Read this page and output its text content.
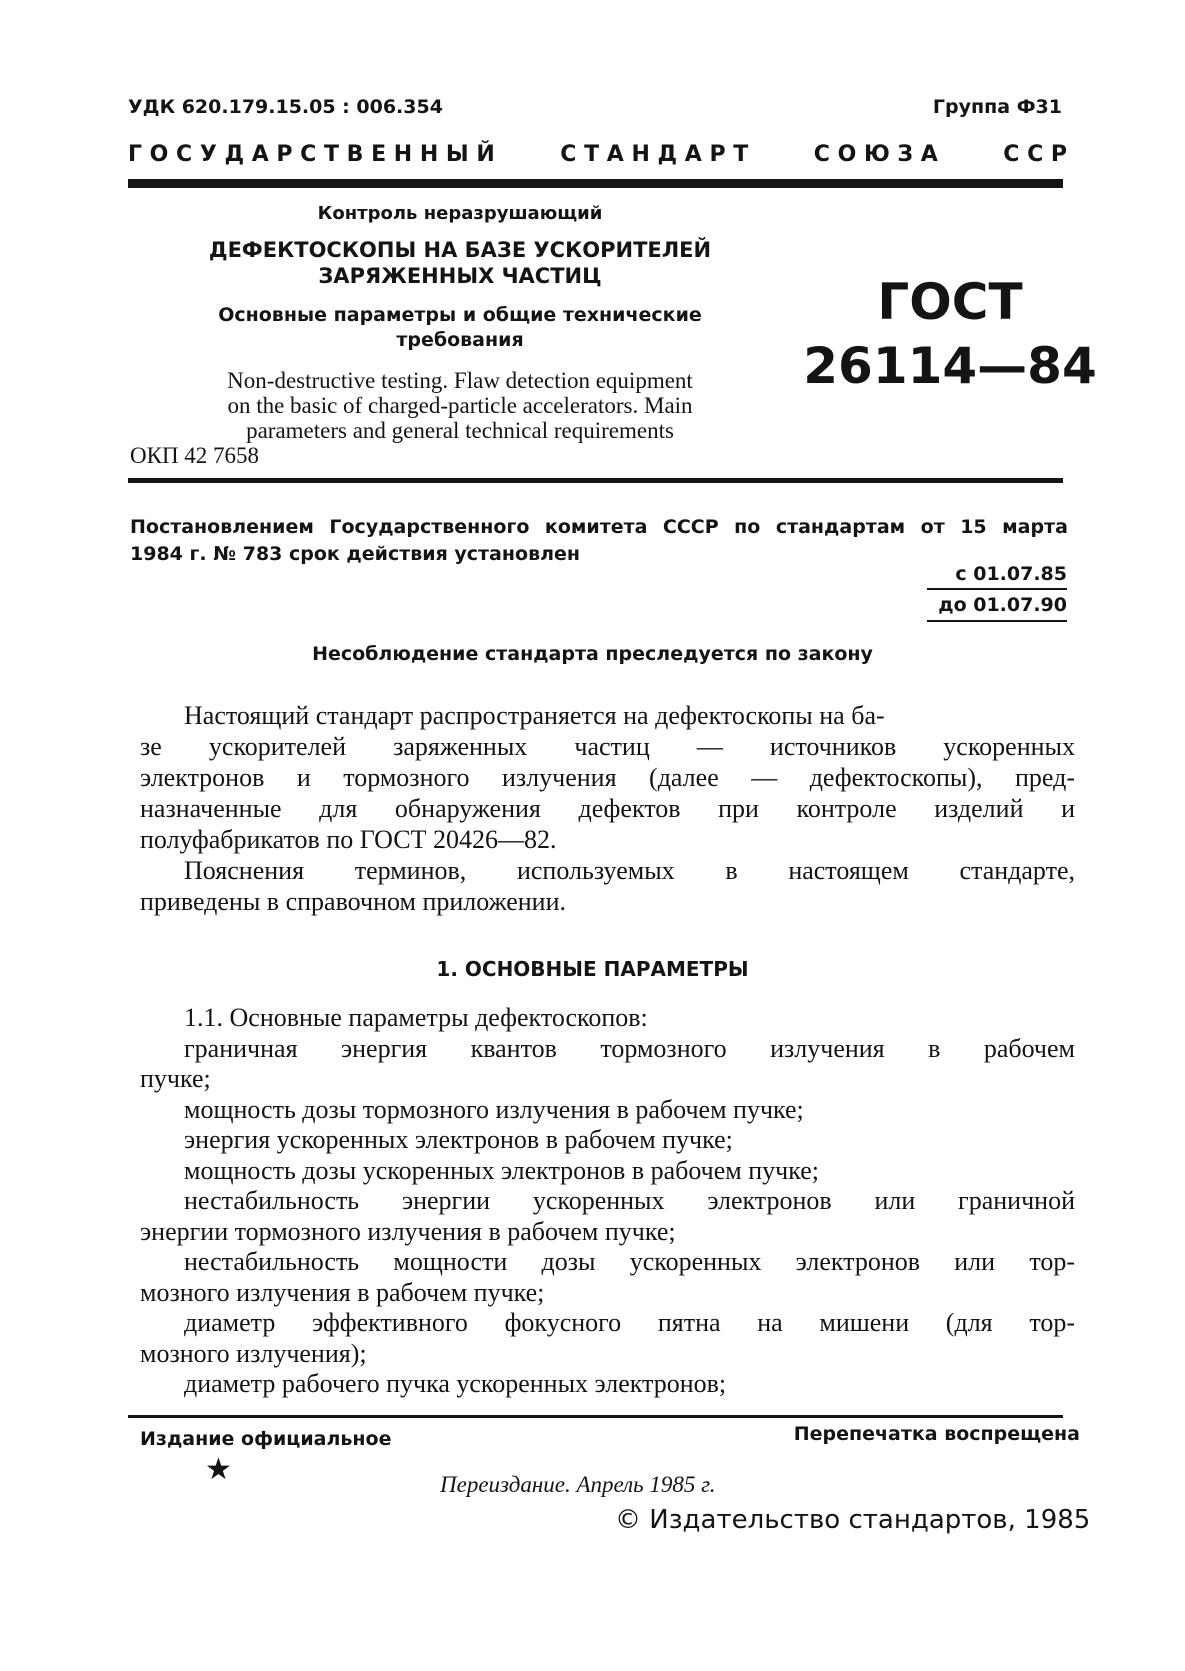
УДК 620.179.15.05 : 006.354	Группа Ф31
Г О С У Д А Р С Т В Е Н Н Ы Й	С Т А Н Д А Р Т	С О Ю З А	С С Р
Контроль неразрушающий
ДЕФЕКТОСКОПЫ НА БАЗЕ УСКОРИТЕЛЕЙ
ЗАРЯЖЕННЫХ ЧАСТИЦ
Основные параметры и общие технические
требования
Non-destructive testing. Flaw detection equipment
on the basic of charged-particle accelerators. Main
parameters and general technical requirements
ОКП 42 7658
ГОСТ
26114—84
Постановлением Государственного комитета СССР по стандартам от 15 марта
1984 г. № 783 срок действия установлен
с 01.07.85
до 01.07.90
Несоблюдение стандарта преследуется по закону
Настоящий стандарт распространяется на дефектоскопы на ба-
зе ускорителей заряженных частиц — источников ускоренных
электронов и тормозного излучения (далее — дефектоскопы), пред-
назначенные для обнаружения дефектов при контроле изделий и
полуфабрикатов по ГОСТ 20426—82.
Пояснения терминов, используемых в настоящем стандарте,
приведены в справочном приложении.
1. ОСНОВНЫЕ ПАРАМЕТРЫ
1.1. Основные параметры дефектоскопов:
граничная энергия квантов тормозного излучения в рабочем
пучке;
мощность дозы тормозного излучения в рабочем пучке;
энергия ускоренных электронов в рабочем пучке;
мощность дозы ускоренных электронов в рабочем пучке;
нестабильность энергии ускоренных электронов или граничной
энергии тормозного излучения в рабочем пучке;
нестабильность мощности дозы ускоренных электронов или тор-
мозного излучения в рабочем пучке;
диаметр эффективного фокусного пятна на мишени (для тор-
мозного излучения);
диаметр рабочего пучка ускоренных электронов;
Издание официальное	Перепечатка воспрещена
★	Переиздание. Апрель 1985 г.
© Издательство стандартов, 1985
